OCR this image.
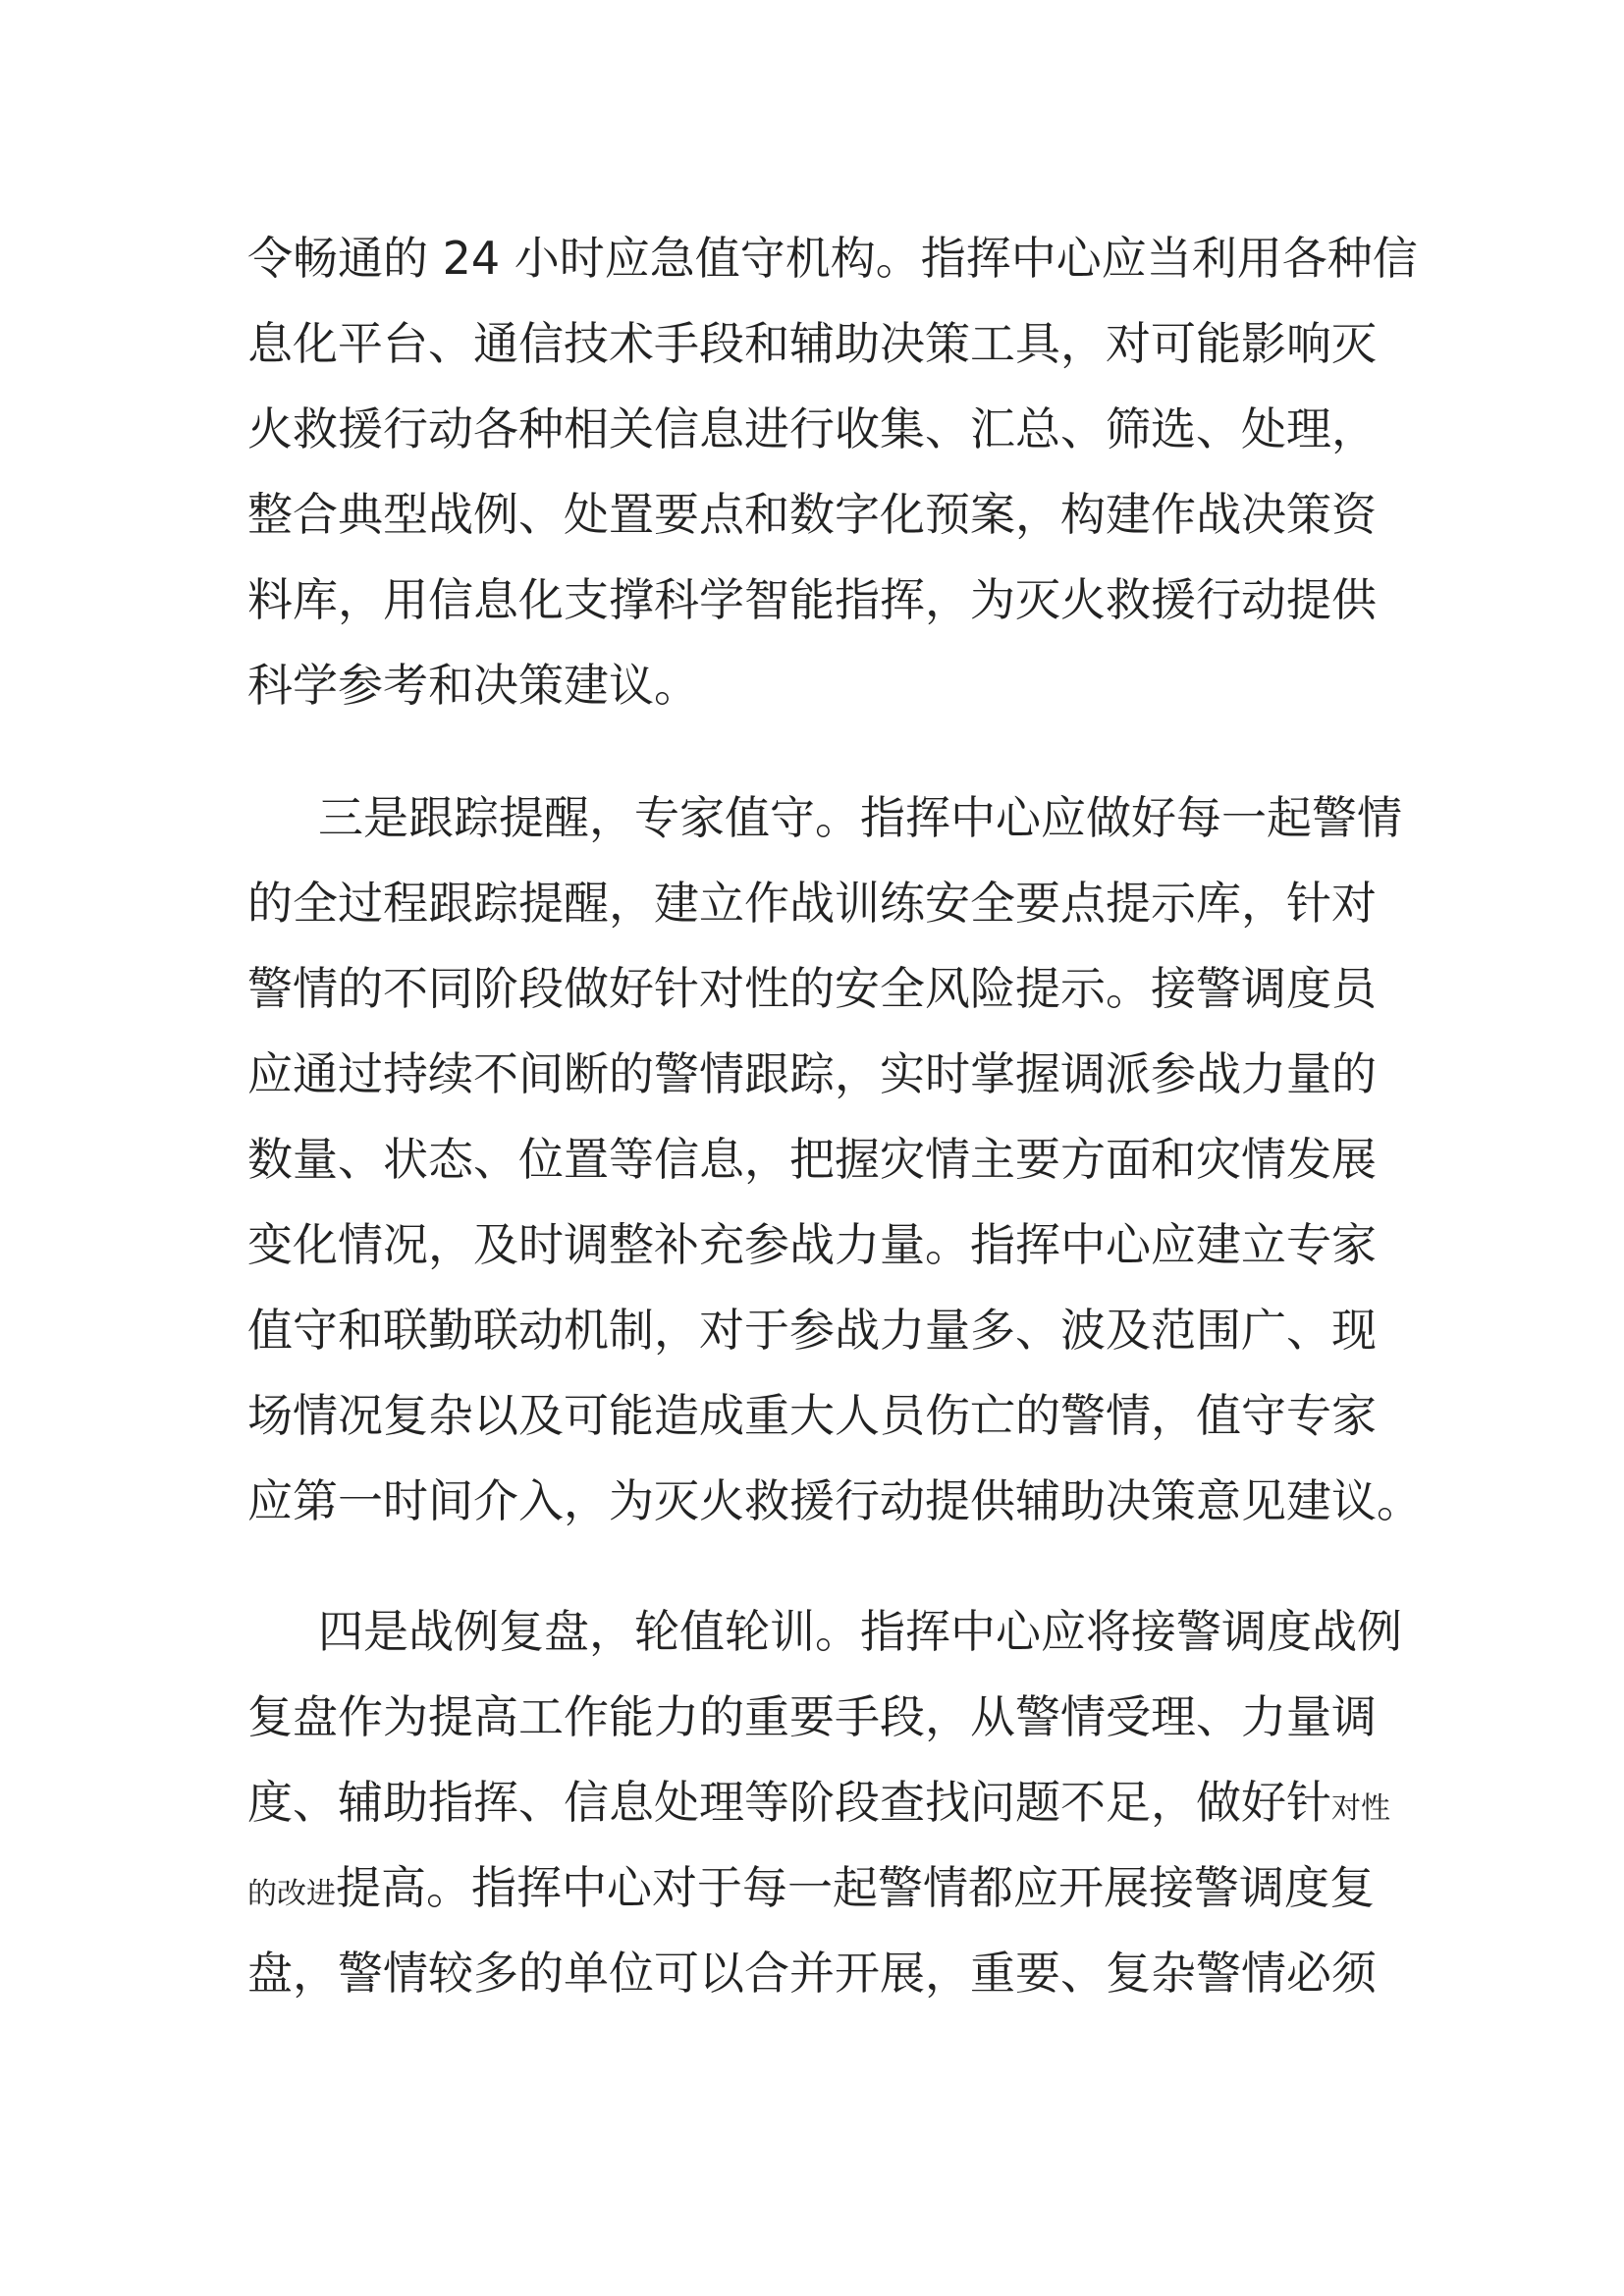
令畅通的 24 小时应急值守机构。指挥中心应当利用各种信
息化平台、通信技术手段和辅助决策工具，对可能影响灭
火救援行动各种相关信息进行收集、汇总、筛选、处理，
整合典型战例、处置要点和数字化预案，构建作战决策资
料库，用信息化支撑科学智能指挥，为灭火救援行动提供
科学参考和决策建议。
三是跟踪提醒，专家值守。指挥中心应做好每一起警情
的全过程跟踪提醒，建立作战训练安全要点提示库，针对
警情的不同阶段做好针对性的安全风险提示。接警调度员
应通过持续不间断的警情跟踪，实时掌握调派参战力量的
数量、状态、位置等信息，把握灾情主要方面和灾情发展
变化情况，及时调整补充参战力量。指挥中心应建立专家
值守和联勤联动机制，对于参战力量多、波及范围广、现
场情况复杂以及可能造成重大人员伤亡的警情，值守专家
应第一时间介入，为灭火救援行动提供辅助决策意见建议。
四是战例复盘，轮值轮训。指挥中心应将接警调度战例
复盘作为提高工作能力的重要手段，从警情受理、力量调
度、辅助指挥、信息处理等阶段查找问题不足，做好针对性
的改进提高。指挥中心对于每一起警情都应开展接警调度复
盘，警情较多的单位可以合并开展，重要、复杂警情必须
